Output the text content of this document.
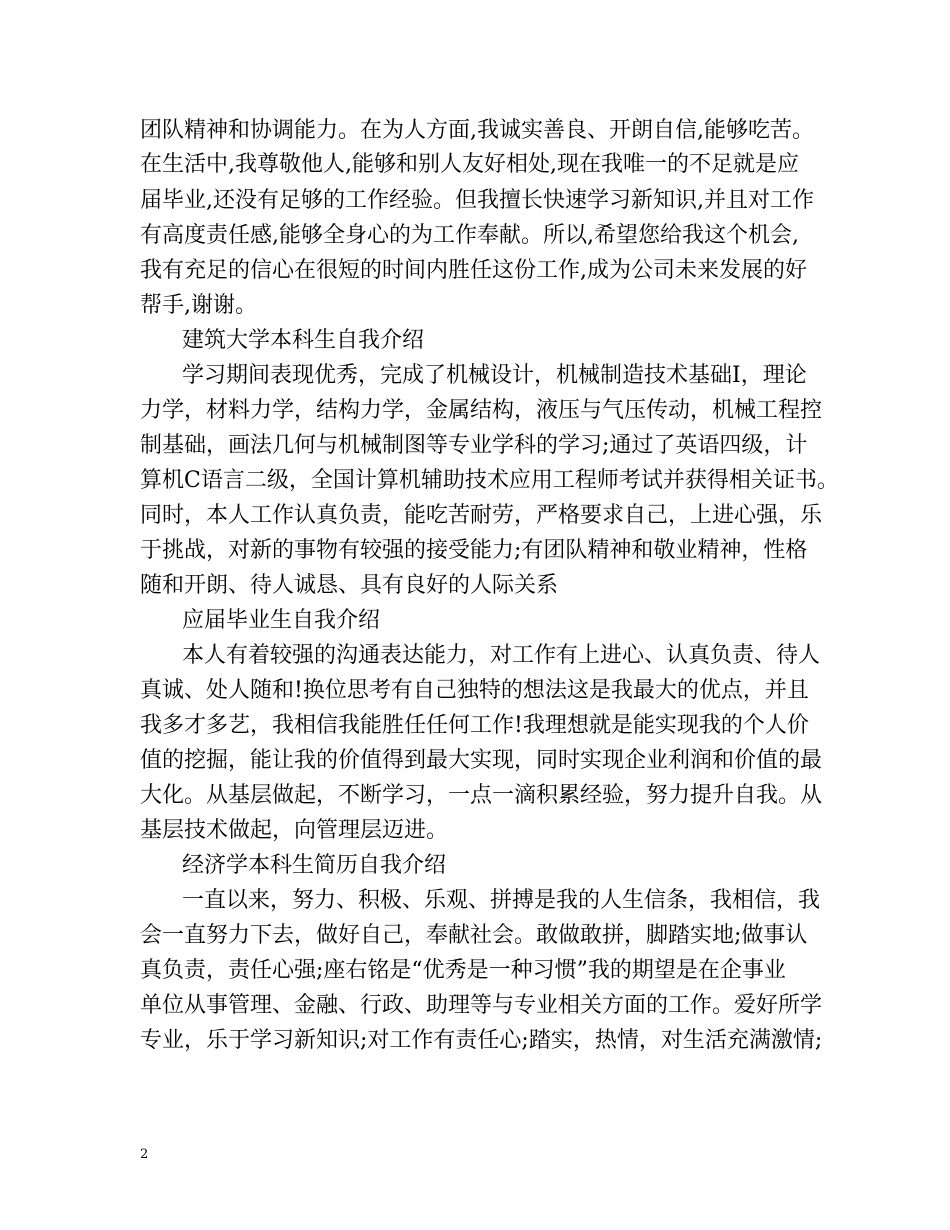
团队精神和协调能力。在为人方面,我诚实善良、开朗自信,能够吃苦。
在生活中,我尊敬他人,能够和别人友好相处,现在我唯一的不足就是应
届毕业,还没有足够的工作经验。但我擅长快速学习新知识,并且对工作
有高度责任感,能够全身心的为工作奉献。所以,希望您给我这个机会,
我有充足的信心在很短的时间内胜任这份工作,成为公司未来发展的好
帮手,谢谢。
建筑大学本科生自我介绍
学习期间表现优秀，完成了机械设计，机械制造技术基础Ⅰ，理论
力学，材料力学，结构力学，金属结构，液压与气压传动，机械工程控
制基础，画法几何与机械制图等专业学科的学习;通过了英语四级，计
算机C语言二级，全国计算机辅助技术应用工程师考试并获得相关证书。
同时，本人工作认真负责，能吃苦耐劳，严格要求自己，上进心强，乐
于挑战，对新的事物有较强的接受能力;有团队精神和敬业精神，性格
随和开朗、待人诚恳、具有良好的人际关系
应届毕业生自我介绍
本人有着较强的沟通表达能力，对工作有上进心、认真负责、待人
真诚、处人随和!换位思考有自己独特的想法这是我最大的优点，并且
我多才多艺，我相信我能胜任任何工作!我理想就是能实现我的个人价
值的挖掘，能让我的价值得到最大实现，同时实现企业利润和价值的最
大化。从基层做起，不断学习，一点一滴积累经验，努力提升自我。从
基层技术做起，向管理层迈进。
经济学本科生简历自我介绍
一直以来，努力、积极、乐观、拼搏是我的人生信条，我相信，我
会一直努力下去，做好自己，奉献社会。敢做敢拼，脚踏实地;做事认
真负责，责任心强;座右铭是“优秀是一种习惯”我的期望是在企事业
单位从事管理、金融、行政、助理等与专业相关方面的工作。爱好所学
专业，乐于学习新知识;对工作有责任心;踏实，热情，对生活充满激情;
2
